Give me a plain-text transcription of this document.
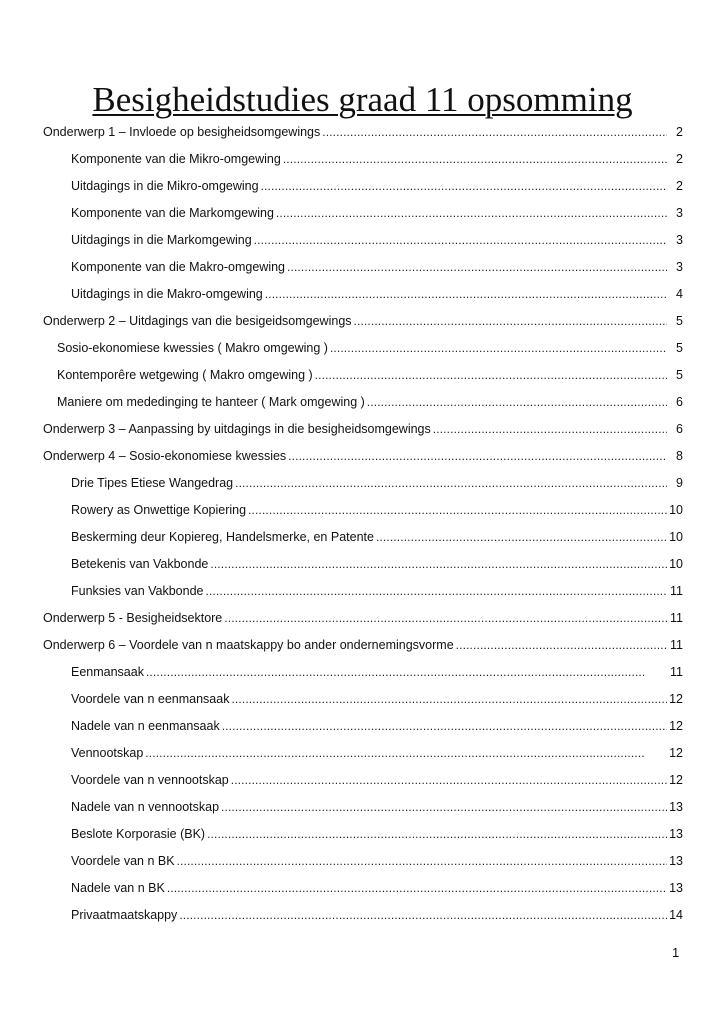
Besigheidstudies graad 11 opsomming
Onderwerp 1 – Invloede op besigheidsomgewings . . .	2
Komponente van die Mikro-omgewing . . .	2
Uitdagings in die Mikro-omgewing . . .	2
Komponente van die Markomgewing . . .	3
Uitdagings in die Markomgewing . . .	3
Komponente van die Makro-omgewing . . .	3
Uitdagings in die Makro-omgewing . . .	4
Onderwerp 2 – Uitdagings van die besigeidsomgewings . . .	5
Sosio-ekonomiese kwessies ( Makro omgewing ) . . .	5
Kontemporêre wetgewing ( Makro omgewing ) . . .	5
Maniere om mededinging te hanteer ( Mark omgewing ) . . .	6
Onderwerp 3 – Aanpassing by uitdagings in die besigheidsomgewings . . .	6
Onderwerp 4 – Sosio-ekonomiese kwessies . . .	8
Drie Tipes Etiese Wangedrag . . .	9
Rowery as Onwettige Kopiering . . .	10
Beskerming deur Kopiereg, Handelsmerke, en Patente . . .	10
Betekenis van Vakbonde . . .	10
Funksies van Vakbonde . . .	11
Onderwerp 5 - Besigheidsektore . . .	11
Onderwerp 6 – Voordele van n maatskappy bo ander ondernemingsvorme . . .	11
Eenmansaak . . .	11
Voordele van n eenmansaak . . .	12
Nadele van n eenmansaak . . .	12
Vennootskap . . .	12
Voordele van n vennootskap . . .	12
Nadele van n vennootskap . . .	13
Beslote Korporasie (BK) . . .	13
Voordele van n BK . . .	13
Nadele van n BK . . .	13
Privaatmaatskappy . . .	14
1
